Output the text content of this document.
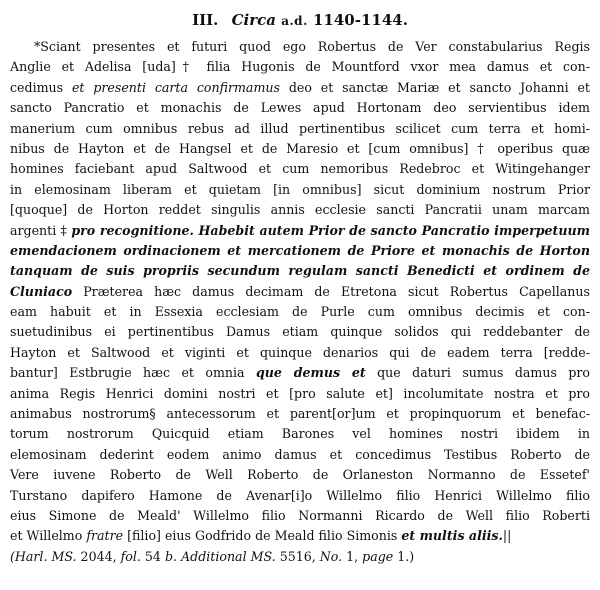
III. Circa a.d. 1140-1144.
*Sciant presentes et futuri quod ego Robertus de Ver constabularius Regis
Anglie et Adelisa [uda]† filia Hugonis de Mountford vxor mea damus et con-
cedimus et presenti carta confirmamus deo et sanctæ Mariæ et sancto Johanni et
sancto Pancratio et monachis de Lewes apud Hortonam deo servientibus idem
manerium cum omnibus rebus ad illud pertinentibus scilicet cum terra et homi-
nibus de Hayton et de Hangsel et de Maresio et [cum omnibus] † operibus quæ
homines faciebant apud Saltwood et cum nemoribus Redebroc et Witingehanger
in elemosinam liberam et quietam [in omnibus] sicut dominium nostrum Prior
[quoque] de Horton reddet singulis annis ecclesie sancti Pancratii unam marcam
argenti ‡ pro recognitione. Habebit autem Prior de sancto Pancratio imperpetuum
emendacionem ordinacionem et mercationem de Priore et monachis de Horton
tanquam de suis propriis secundum regulam sancti Benedicti et ordinem de
Cluniaco Præterea hæc damus decimam de Etretona sicut Robertus Capellanus
eam habuit et in Essexia ecclesiam de Purle cum omnibus decimis et con-
suetudinibus ei pertinentibus Damus etiam quinque solidos qui reddebanter de
Hayton et Saltwood et viginti et quinque denarios qui de eadem terra [redde-
bantur] Estbrugie hæc et omnia que demus et que daturi sumus damus pro
anima Regis Henrici domini nostri et [pro salute et] incolumitate nostra et pro
animabus nostrorum§ antecessorum et parent[or]um et propinquorum et benefac-
torum nostrorum Quicquid etiam Barones vel homines nostri ibidem in
elemosinam dederint eodem animo damus et concedimus Testibus Roberto de
Vere iuvene Roberto de Well Roberto de Orlaneston Normanno de Essetef'
Turstano dapifero Hamone de Avenar[i]o Willelmo filio Henrici Willelmo filio
eius Simone de Meald' Willelmo filio Normanni Ricardo de Well filio Roberti
et Willelmo fratre [filio] eius Godfrido de Meald filio Simonis et multis aliis.||
(Harl. MS. 2044, fol. 54 b. Additional MS. 5516, No. 1, page 1.)
